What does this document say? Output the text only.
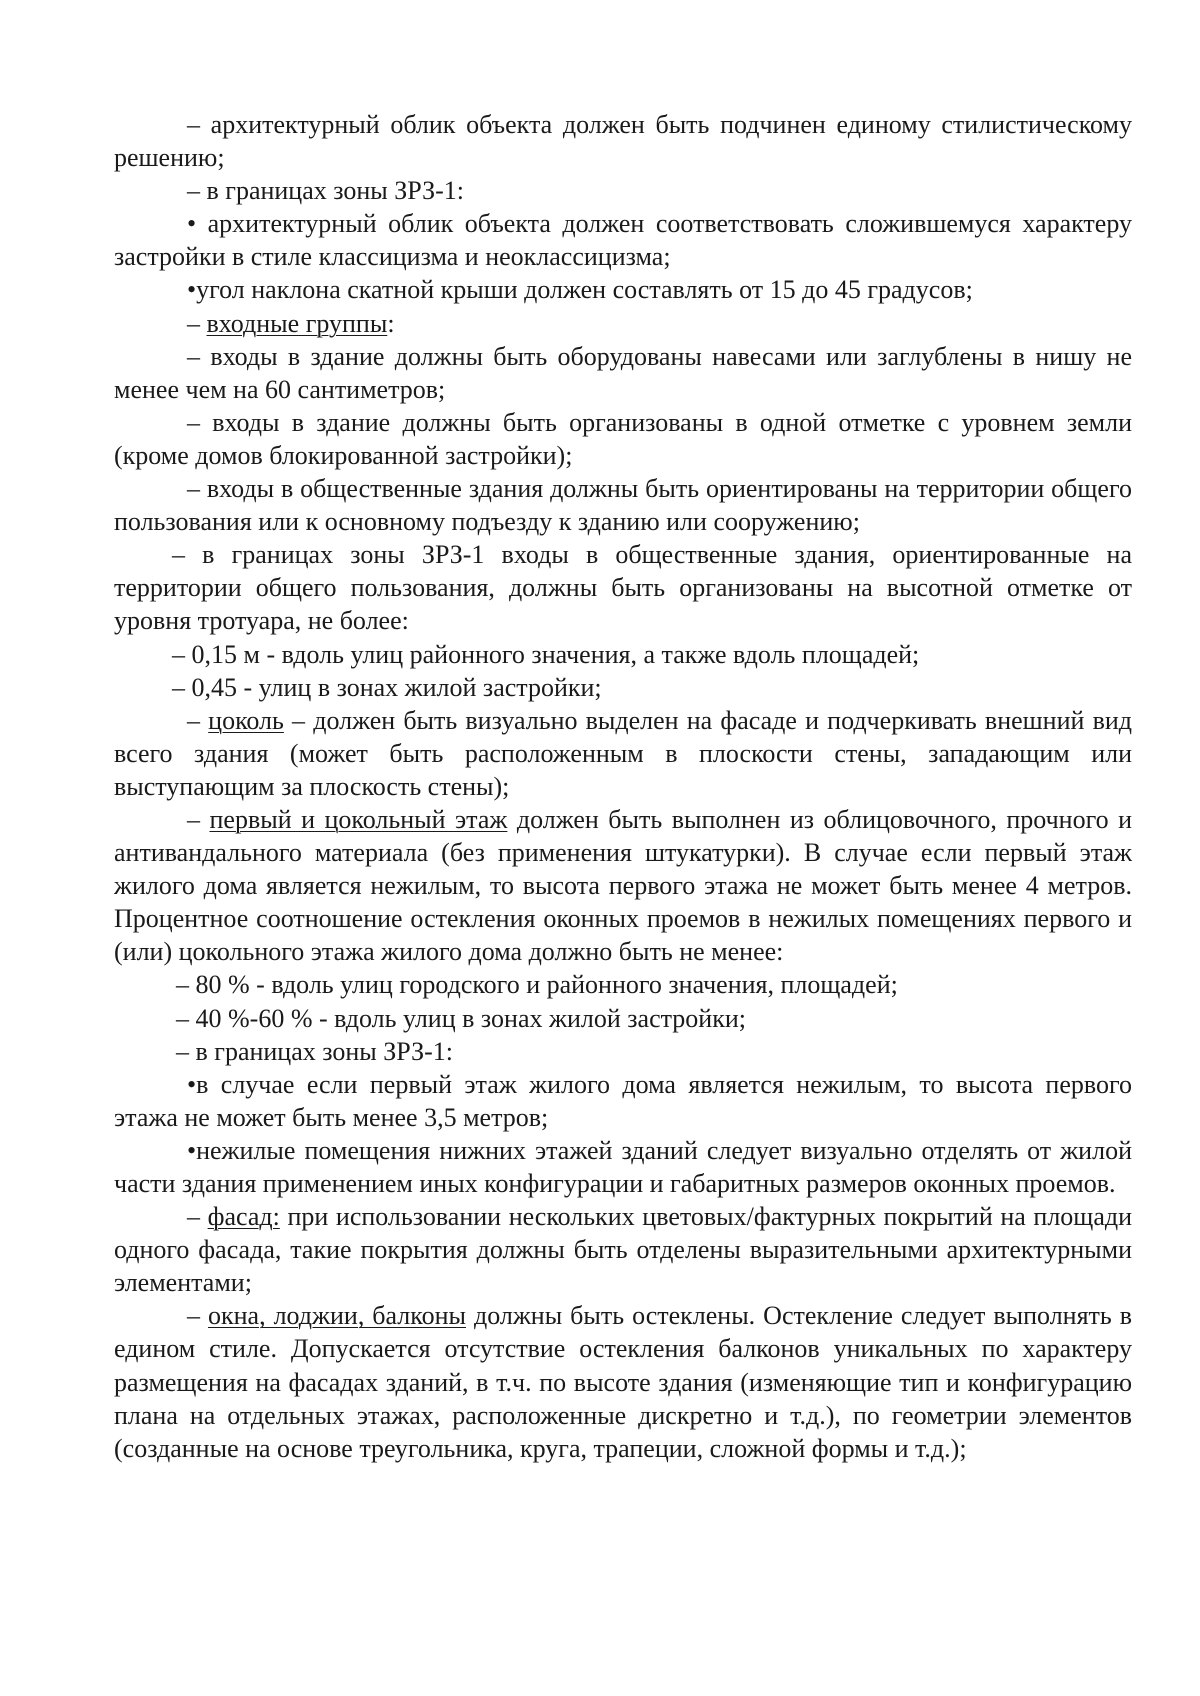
– архитектурный облик объекта должен быть подчинен единому стилистическому решению;

– в границах зоны ЗРЗ-1:

• архитектурный облик объекта должен соответствовать сложившемуся характеру застройки в стиле классицизма и неоклассицизма;

•угол наклона скатной крыши должен составлять от 15 до 45 градусов;

– входные группы:

– входы в здание должны быть оборудованы навесами или заглублены в нишу не менее чем на 60 сантиметров;

– входы в здание должны быть организованы в одной отметке с уровнем земли (кроме домов блокированной застройки);

– входы в общественные здания должны быть ориентированы на территории общего пользования или к основному подъезду к зданию или сооружению;

– в границах зоны ЗРЗ-1 входы в общественные здания, ориентированные на территории общего пользования, должны быть организованы на высотной отметке от уровня тротуара, не более:

– 0,15 м - вдоль улиц районного значения, а также вдоль площадей;

– 0,45 - улиц в зонах жилой застройки;

– цоколь – должен быть визуально выделен на фасаде и подчеркивать внешний вид всего здания (может быть расположенным в плоскости стены, западающим или выступающим за плоскость стены);

– первый и цокольный этаж должен быть выполнен из облицовочного, прочного и антивандального материала (без применения штукатурки). В случае если первый этаж жилого дома является нежилым, то высота первого этажа не может быть менее 4 метров. Процентное соотношение остекления оконных проемов в нежилых помещениях первого и (или) цокольного этажа жилого дома должно быть не менее:

– 80 % - вдоль улиц городского и районного значения, площадей;

– 40 %-60 % - вдоль улиц в зонах жилой застройки;

– в границах зоны ЗРЗ-1:

•в случае если первый этаж жилого дома является нежилым, то высота первого этажа не может быть менее 3,5 метров;

•нежилые помещения нижних этажей зданий следует визуально отделять от жилой части здания применением иных конфигурации и габаритных размеров оконных проемов.

– фасад: при использовании нескольких цветовых/фактурных покрытий на площади одного фасада, такие покрытия должны быть отделены выразительными архитектурными элементами;

– окна, лоджии, балконы должны быть остеклены. Остекление следует выполнять в едином стиле. Допускается отсутствие остекления балконов уникальных по характеру размещения на фасадах зданий, в т.ч. по высоте здания (изменяющие тип и конфигурацию плана на отдельных этажах, расположенные дискретно и т.д.), по геометрии элементов (созданные на основе треугольника, круга, трапеции, сложной формы и т.д.);
